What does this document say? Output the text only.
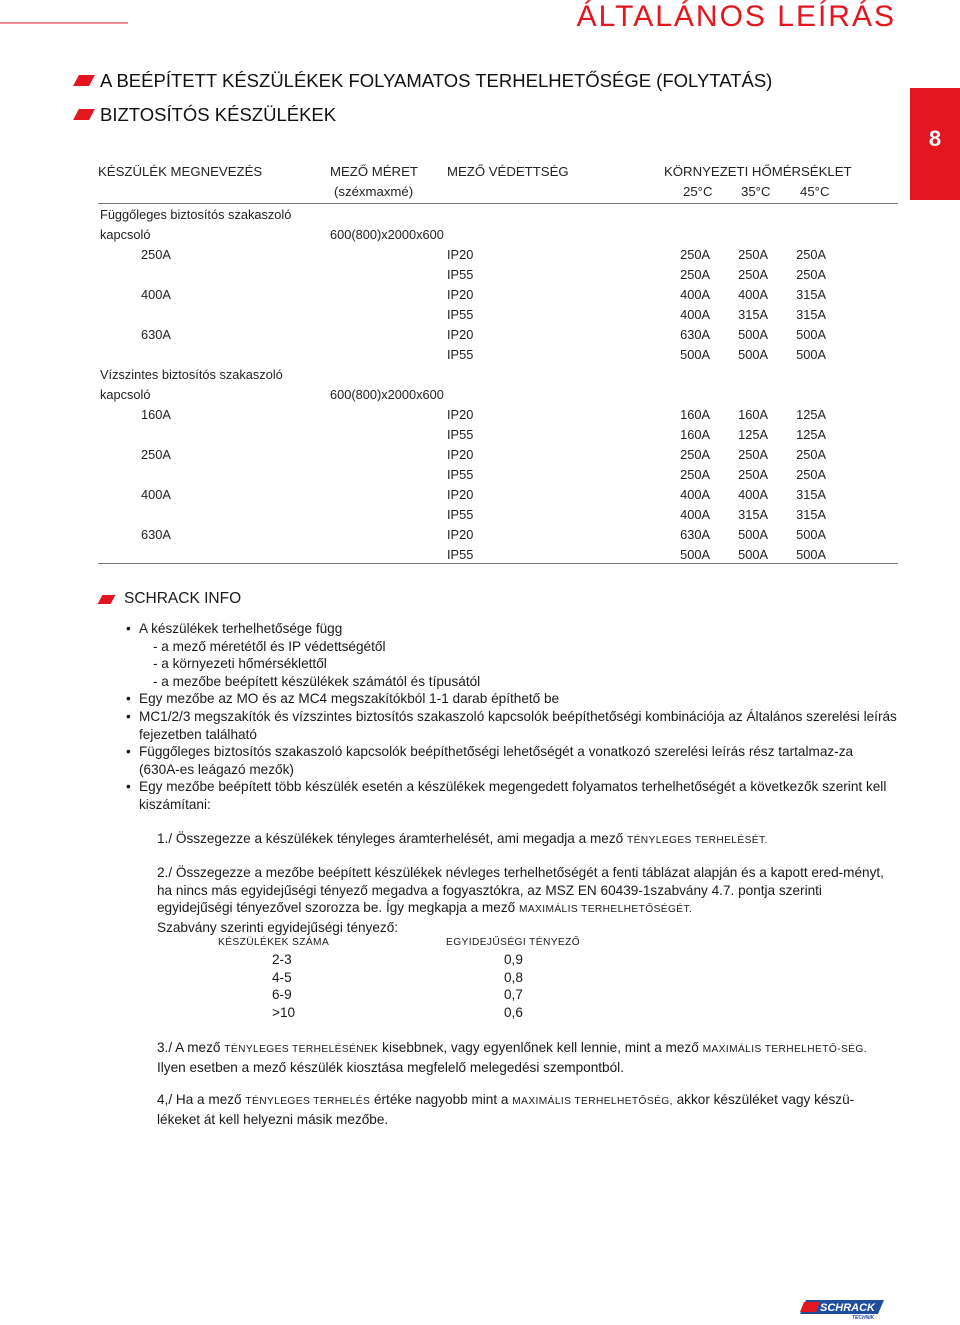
ÁLTALÁNOS LEÍRÁS
8
A BEÉPÍTETT KÉSZÜLÉKEK FOLYAMATOS TERHELHETŐSÉGE (FOLYTATÁS)
BIZTOSÍTÓS KÉSZÜLÉKEK
KÉSZÜLÉK MEGNEVEZÉS	MEZŐ MÉRET MEZŐ VÉDETTSÉG	KÖRNYEZETI HŐMÉRSÉKLET
(széxmaxmé)	25°C 35°C 45°C
Függőleges biztosítós szakaszoló
kapcsoló	600(800)x2000x600
250A	IP20	250A	250A	250A
IP55	250A	250A	250A
400A	IP20	400A	400A	315A
IP55	400A	315A	315A
630A	IP20	630A	500A	500A
IP55	500A	500A	500A
Vízszintes biztosítós szakaszoló
kapcsoló	600(800)x2000x600
160A	IP20	160A	160A	125A
IP55	160A	125A	125A
250A	IP20	250A	250A	250A
IP55	250A	250A	250A
400A	IP20	400A	400A	315A
IP55	400A	315A	315A
630A	IP20	630A	500A	500A
IP55	500A	500A	500A
SCHRACK INFO
• A készülékek terhelhetősége függ
- a mező méretétől és IP védettségétől
- a környezeti hőmérséklettől
- a mezőbe beépített készülékek számától és típusától
• Egy mezőbe az MO és az MC4 megszakítókból 1-1 darab építhető be
• MC1/2/3 megszakítók és vízszintes biztosítós szakaszoló kapcsolók beépíthetőségi kombinációja az Általános szerelési leírás fejezetben található
• Függőleges biztosítós szakaszoló kapcsolók beépíthetőségi lehetőségét a vonatkozó szerelési leírás rész tartalmaz-za (630A-es leágazó mezők)
• Egy mezőbe beépített több készülék esetén a készülékek megengedett folyamatos terhelhetőségét a következők szerint kell kiszámítani:
1./ Összegezze a készülékek tényleges áramterhelését, ami megadja a mező TÉNYLEGES TERHELÉSÉT.
2./ Összegezze a mezőbe beépített készülékek névleges terhelhetőségét a fenti táblázat alapján és a kapott ered-ményt, ha nincs más egyidejűségi tényező megadva a fogyasztókra, az MSZ EN 60439-1szabvány 4.7. pontja szerinti egyidejűségi tényezővel szorozza be. Így megkapja a mező MAXIMÁLIS TERHELHETŐSÉGÉT.
Szabvány szerinti egyidejűségi tényező:
KÉSZÜLÉKEK SZÁMA	EGYIDEJŰSÉGI TÉNYEZŐ
2-3	0,9
4-5	0,8
6-9	0,7
>10	0,6
3./ A mező TÉNYLEGES TERHELÉSÉNEK kisebbnek, vagy egyenlőnek kell lennie, mint a mező MAXIMÁLIS TERHELHETŐ-SÉG. Ilyen esetben a mező készülék kiosztása megfelelő melegedési szempontból.
4,/ Ha a mező TÉNYLEGES TERHELÉS értéke nagyobb mint a MAXIMÁLIS TERHELHETŐSÉG, akkor készüléket vagy készü-lékeket át kell helyezni másik mezőbe.
SCHRACK
TECHNIK
